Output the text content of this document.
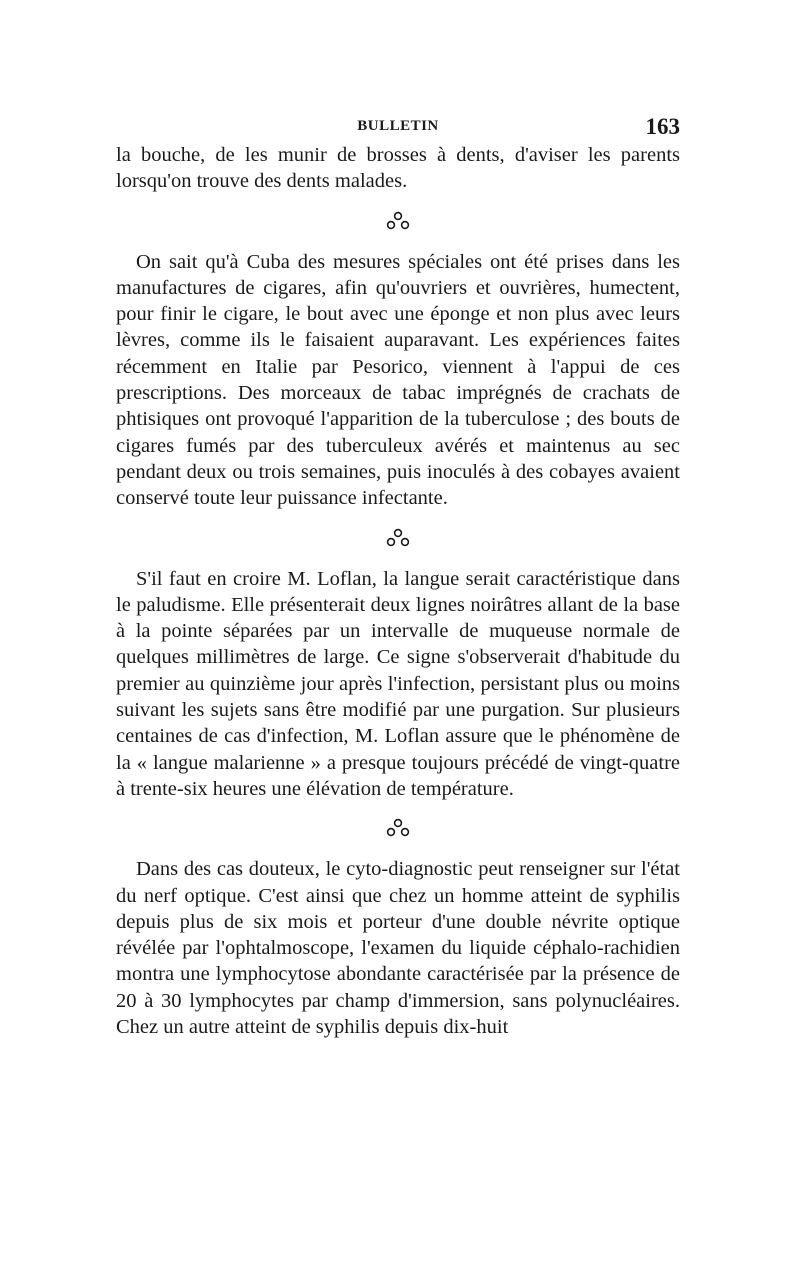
BULLETIN	163

la bouche, de les munir de brosses à dents, d'aviser les parents lorsqu'on trouve des dents malades.

On sait qu'à Cuba des mesures spéciales ont été prises dans les manufactures de cigares, afin qu'ouvriers et ouvrières, humectent, pour finir le cigare, le bout avec une éponge et non plus avec leurs lèvres, comme ils le faisaient auparavant. Les expériences faites récemment en Italie par Pesorico, viennent à l'appui de ces prescriptions. Des morceaux de tabac imprégnés de crachats de phtisiques ont provoqué l'apparition de la tuberculose ; des bouts de cigares fumés par des tuberculeux avérés et maintenus au sec pendant deux ou trois semaines, puis inoculés à des cobayes avaient conservé toute leur puissance infectante.

S'il faut en croire M. Loflan, la langue serait caractéristique dans le paludisme. Elle présenterait deux lignes noirâtres allant de la base à la pointe séparées par un intervalle de muqueuse normale de quelques millimètres de large. Ce signe s'observerait d'habitude du premier au quinzième jour après l'infection, persistant plus ou moins suivant les sujets sans être modifié par une purgation. Sur plusieurs centaines de cas d'infection, M. Loflan assure que le phénomène de la « langue malarienne » a presque toujours précédé de vingt-quatre à trente-six heures une élévation de température.

Dans des cas douteux, le cyto-diagnostic peut renseigner sur l'état du nerf optique. C'est ainsi que chez un homme atteint de syphilis depuis plus de six mois et porteur d'une double névrite optique révélée par l'ophtalmoscope, l'examen du liquide céphalo-rachidien montra une lymphocytose abondante caractérisée par la présence de 20 à 30 lymphocytes par champ d'immersion, sans polynucléaires. Chez un autre atteint de syphilis depuis dix-huit
